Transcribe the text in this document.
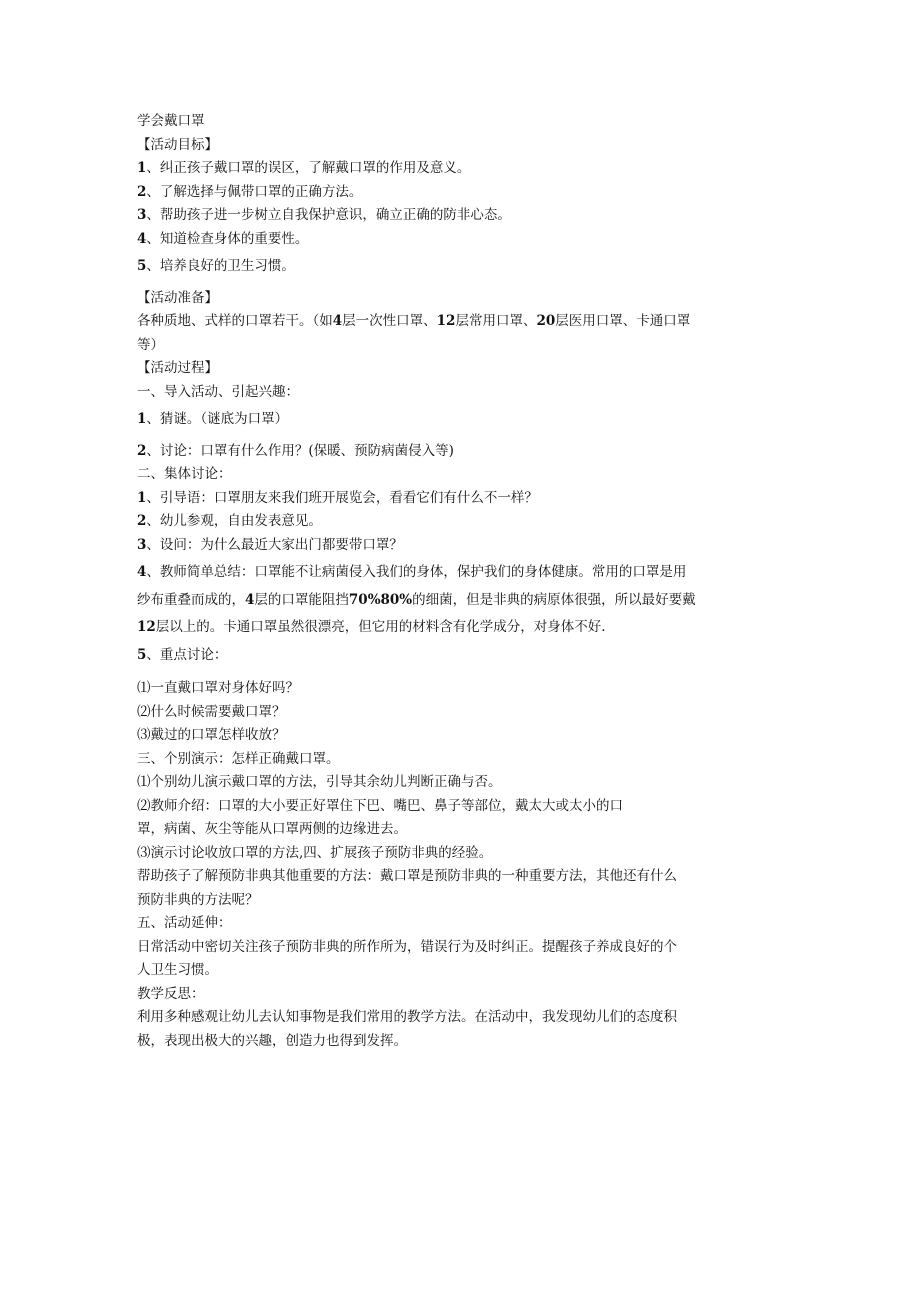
学会戴口罩
【活动目标】
1、纠正孩子戴口罩的误区，了解戴口罩的作用及意义。
2、了解选择与佩带口罩的正确方法。
3、帮助孩子进一步树立自我保护意识，确立正确的防非心态。
4、知道检查身体的重要性。
5、培养良好的卫生习惯。
【活动准备】
各种质地、式样的口罩若干。（如4层一次性口罩、12层常用口罩、20层医用口罩、卡通口罩
等）
【活动过程】
一、导入活动、引起兴趣：
1、猜谜。（谜底为口罩）
2、讨论：口罩有什么作用？(保暖、预防病菌侵入等)
二、集体讨论：
1、引导语：口罩朋友来我们班开展览会，看看它们有什么不一样？
2、幼儿参观，自由发表意见。
3、设问：为什么最近大家出门都要带口罩？
4、教师简单总结：口罩能不让病菌侵入我们的身体，保护我们的身体健康。常用的口罩是用
纱布重叠而成的，4层的口罩能阻挡70%80%的细菌，但是非典的病原体很强，所以最好要戴
12层以上的。卡通口罩虽然很漂亮，但它用的材料含有化学成分，对身体不好.
5、重点讨论：
⑴一直戴口罩对身体好吗？
⑵什么时候需要戴口罩？
⑶戴过的口罩怎样收放？
三、个别演示：怎样正确戴口罩。
⑴个别幼儿演示戴口罩的方法，引导其余幼儿判断正确与否。
⑵教师介绍：口罩的大小要正好罩住下巴、嘴巴、鼻子等部位，戴太大或太小的口
罩，病菌、灰尘等能从口罩两侧的边缘进去。
⑶演示讨论收放口罩的方法,四、扩展孩子预防非典的经验。
帮助孩子了解预防非典其他重要的方法：戴口罩是预防非典的一种重要方法，其他还有什么
预防非典的方法呢？
五、活动延伸：
日常活动中密切关注孩子预防非典的所作所为，错误行为及时纠正。提醒孩子养成良好的个
人卫生习惯。
教学反思：
利用多种感观让幼儿去认知事物是我们常用的教学方法。在活动中，我发现幼儿们的态度积
极，表现出极大的兴趣，创造力也得到发挥。
